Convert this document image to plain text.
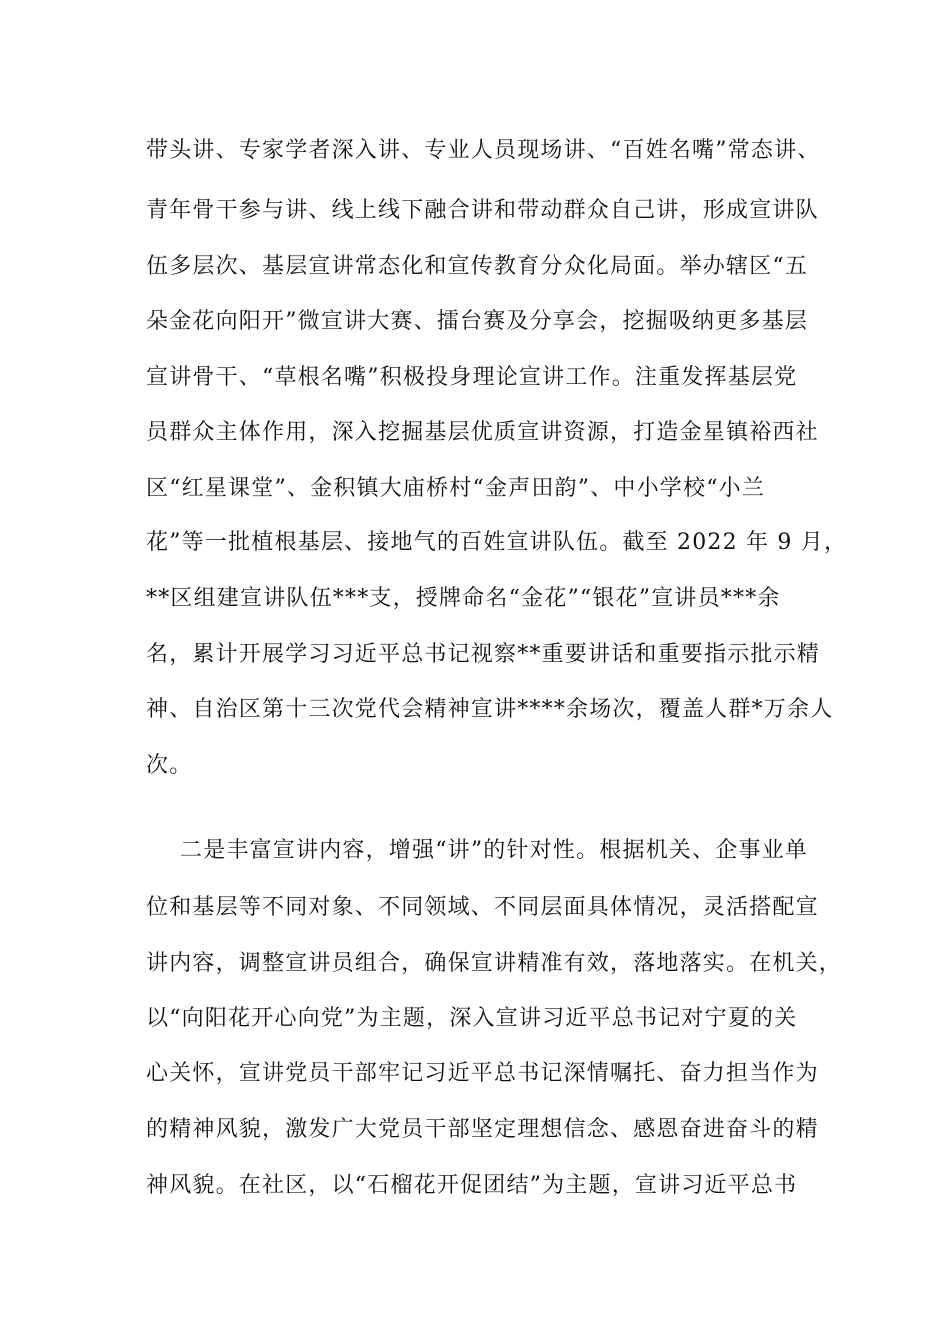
带头讲、专家学者深入讲、专业人员现场讲、“百姓名嘴”常态讲、
青年骨干参与讲、线上线下融合讲和带动群众自己讲，形成宣讲队
伍多层次、基层宣讲常态化和宣传教育分众化局面。举办辖区“五
朵金花向阳开”微宣讲大赛、擂台赛及分享会，挖掘吸纳更多基层
宣讲骨干、“草根名嘴”积极投身理论宣讲工作。注重发挥基层党
员群众主体作用，深入挖掘基层优质宣讲资源，打造金星镇裕西社
区“红星课堂”、金积镇大庙桥村“金声田韵”、中小学校“小兰
花”等一批植根基层、接地气的百姓宣讲队伍。截至 2022 年 9 月，
**区组建宣讲队伍***支，授牌命名“金花”“银花”宣讲员***余
名，累计开展学习习近平总书记视察**重要讲话和重要指示批示精
神、自治区第十三次党代会精神宣讲****余场次，覆盖人群*万余人
次。
二是丰富宣讲内容，增强“讲”的针对性。根据机关、企事业单
位和基层等不同对象、不同领域、不同层面具体情况，灵活搭配宣
讲内容，调整宣讲员组合，确保宣讲精准有效，落地落实。在机关，
以“向阳花开心向党”为主题，深入宣讲习近平总书记对宁夏的关
心关怀，宣讲党员干部牢记习近平总书记深情嘱托、奋力担当作为
的精神风貌，激发广大党员干部坚定理想信念、感恩奋进奋斗的精
神风貌。在社区，以“石榴花开促团结”为主题，宣讲习近平总书
